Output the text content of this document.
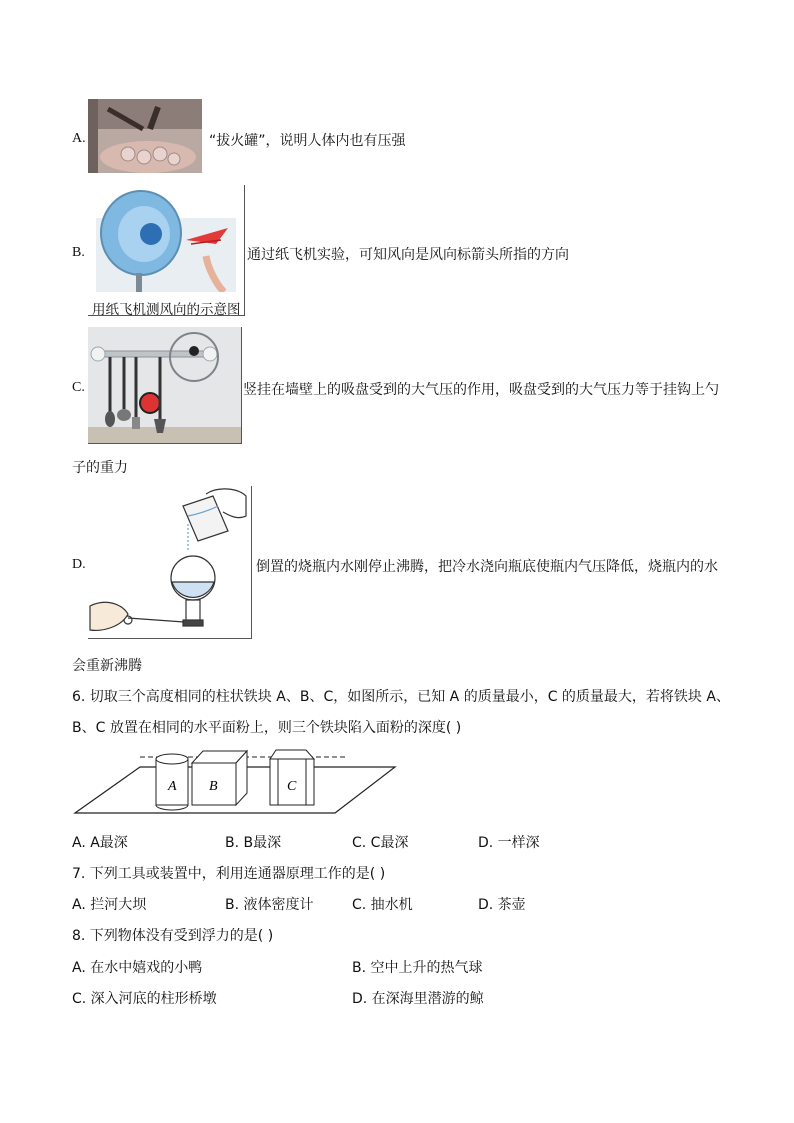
A.	“拔火罐”，说明人体内也有压强
B.
用纸飞机测风向的示意图
通过纸飞机实验，可知风向是风向标箭头所指的方向
C.	竖挂在墙壁上的吸盘受到的大气压的作用，吸盘受到的大气压力等于挂钩上勺
子的重力
D.	倒置的烧瓶内水刚停止沸腾，把冷水浇向瓶底使瓶内气压降低，烧瓶内的水
会重新沸腾
6. 切取三个高度相同的柱状铁块 A、B、C，如图所示，已知 A 的质量最小，C 的质量最大，若将铁块 A、
B、C 放置在相同的水平面粉上，则三个铁块陷入面粉的深度( )
A B	C
A. A最深	B. B最深	C. C最深	D. 一样深
7. 下列工具或装置中，利用连通器原理工作的是( )
A. 拦河大坝	B. 液体密度计	C. 抽水机	D. 茶壶
8. 下列物体没有受到浮力的是( )
A. 在水中嬉戏的小鸭	B. 空中上升的热气球
C. 深入河底的柱形桥墩	D. 在深海里潜游的鲸
